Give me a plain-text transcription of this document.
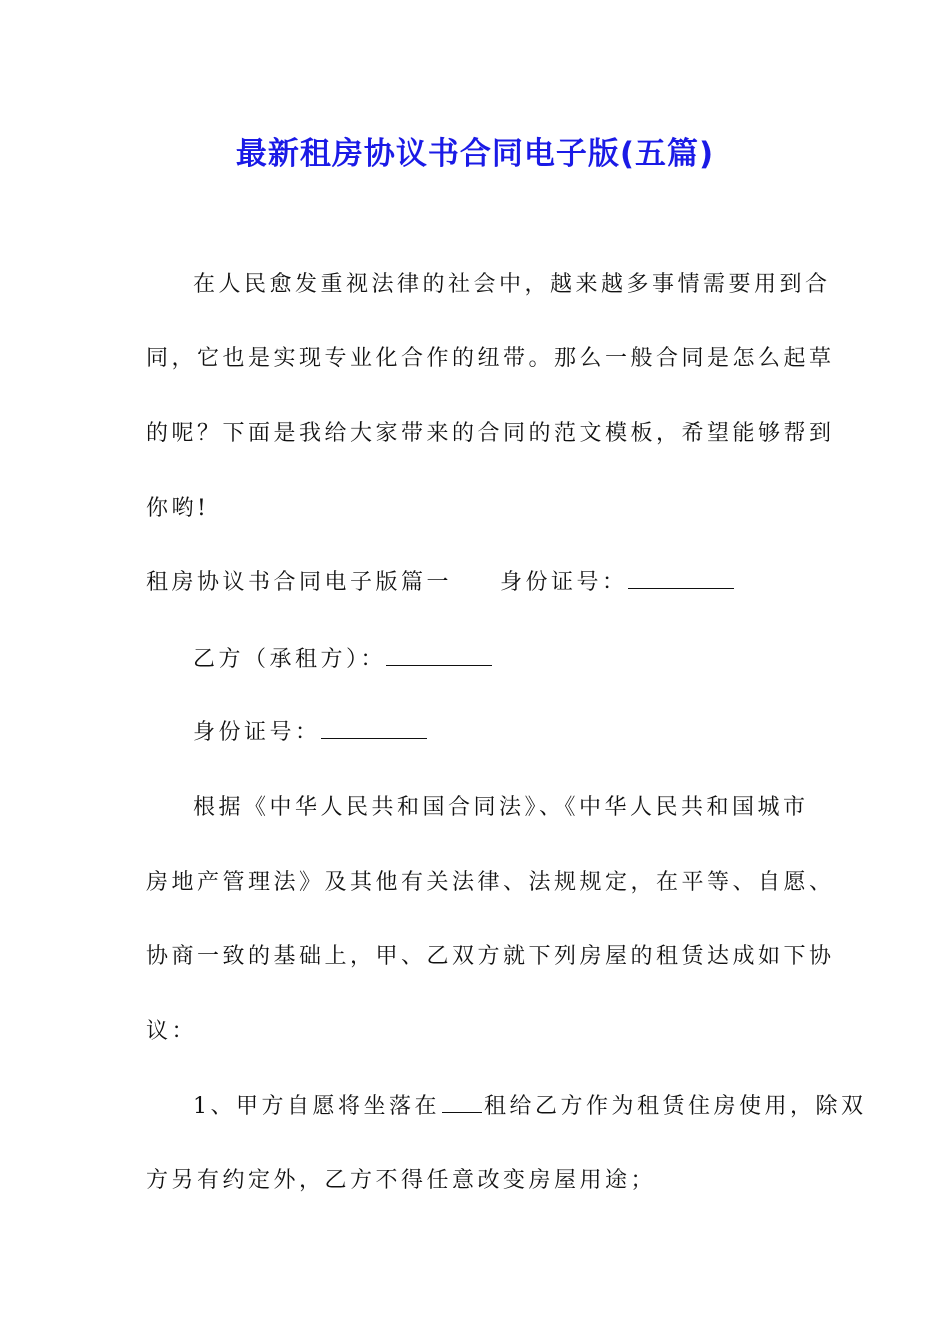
最新租房协议书合同电子版(五篇)
在人民愈发重视法律的社会中，越来越多事情需要用到合
同，它也是实现专业化合作的纽带。那么一般合同是怎么起草
的呢？下面是我给大家带来的合同的范文模板，希望能够帮到
你哟!
租房协议书合同电子版篇一 身份证号：
乙方（承租方）：
身份证号：
根据《中华人民共和国合同法》、《中华人民共和国城市
房地产管理法》及其他有关法律、法规规定，在平等、自愿、
协商一致的基础上，甲、乙双方就下列房屋的租赁达成如下协
议：
1、甲方自愿将坐落在 租给乙方作为租赁住房使用，除双
方另有约定外，乙方不得任意改变房屋用途；
